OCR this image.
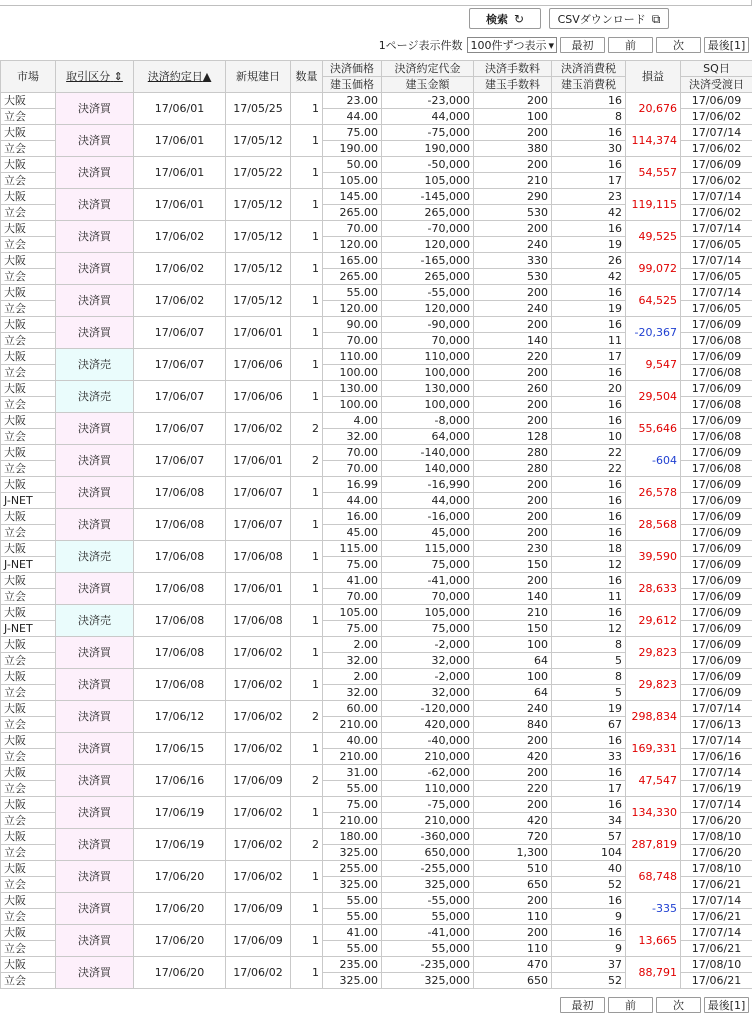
検索 ↻	CSVダウンロード ⧉
1ページ表示件数 100件ずつ表示 ▾	最初	前	次	最後[1]
市場	取引区分 ⇕	決済約定日▲	新規建日	数量	決済価格	決済約定代金	決済手数料	決済消費税	損益	SQ日
					建玉価格	建玉金額	建玉手数料	建玉消費税		決済受渡日
大阪	決済買	17/06/01	17/05/25	1	23.00	-23,000	200	16	20,676	17/06/09
立会					44.00	44,000	100	8		17/06/02
大阪	決済買	17/06/01	17/05/12	1	75.00	-75,000	200	16	114,374	17/07/14
立会					190.00	190,000	380	30		17/06/02
大阪	決済買	17/06/01	17/05/22	1	50.00	-50,000	200	16	54,557	17/06/09
立会					105.00	105,000	210	17		17/06/02
大阪	決済買	17/06/01	17/05/12	1	145.00	-145,000	290	23	119,115	17/07/14
立会					265.00	265,000	530	42		17/06/02
大阪	決済買	17/06/02	17/05/12	1	70.00	-70,000	200	16	49,525	17/07/14
立会					120.00	120,000	240	19		17/06/05
大阪	決済買	17/06/02	17/05/12	1	165.00	-165,000	330	26	99,072	17/07/14
立会					265.00	265,000	530	42		17/06/05
大阪	決済買	17/06/02	17/05/12	1	55.00	-55,000	200	16	64,525	17/07/14
立会					120.00	120,000	240	19		17/06/05
大阪	決済買	17/06/07	17/06/01	1	90.00	-90,000	200	16	-20,367	17/06/09
立会					70.00	70,000	140	11		17/06/08
大阪	決済売	17/06/07	17/06/06	1	110.00	110,000	220	17	9,547	17/06/09
立会					100.00	100,000	200	16		17/06/08
大阪	決済売	17/06/07	17/06/06	1	130.00	130,000	260	20	29,504	17/06/09
立会					100.00	100,000	200	16		17/06/08
大阪	決済買	17/06/07	17/06/02	2	4.00	-8,000	200	16	55,646	17/06/09
立会					32.00	64,000	128	10		17/06/08
大阪	決済買	17/06/07	17/06/01	2	70.00	-140,000	280	22	-604	17/06/09
立会					70.00	140,000	280	22		17/06/08
大阪	決済買	17/06/08	17/06/07	1	16.99	-16,990	200	16	26,578	17/06/09
J-NET					44.00	44,000	200	16		17/06/09
大阪	決済買	17/06/08	17/06/07	1	16.00	-16,000	200	16	28,568	17/06/09
立会					45.00	45,000	200	16		17/06/09
大阪	決済売	17/06/08	17/06/08	1	115.00	115,000	230	18	39,590	17/06/09
J-NET					75.00	75,000	150	12		17/06/09
大阪	決済買	17/06/08	17/06/01	1	41.00	-41,000	200	16	28,633	17/06/09
立会					70.00	70,000	140	11		17/06/09
大阪	決済売	17/06/08	17/06/08	1	105.00	105,000	210	16	29,612	17/06/09
J-NET					75.00	75,000	150	12		17/06/09
大阪	決済買	17/06/08	17/06/02	1	2.00	-2,000	100	8	29,823	17/06/09
立会					32.00	32,000	64	5		17/06/09
大阪	決済買	17/06/08	17/06/02	1	2.00	-2,000	100	8	29,823	17/06/09
立会					32.00	32,000	64	5		17/06/09
大阪	決済買	17/06/12	17/06/02	2	60.00	-120,000	240	19	298,834	17/07/14
立会					210.00	420,000	840	67		17/06/13
大阪	決済買	17/06/15	17/06/02	1	40.00	-40,000	200	16	169,331	17/07/14
立会					210.00	210,000	420	33		17/06/16
大阪	決済買	17/06/16	17/06/09	2	31.00	-62,000	200	16	47,547	17/07/14
立会					55.00	110,000	220	17		17/06/19
大阪	決済買	17/06/19	17/06/02	1	75.00	-75,000	200	16	134,330	17/07/14
立会					210.00	210,000	420	34		17/06/20
大阪	決済買	17/06/19	17/06/02	2	180.00	-360,000	720	57	287,819	17/08/10
立会					325.00	650,000	1,300	104		17/06/20
大阪	決済買	17/06/20	17/06/02	1	255.00	-255,000	510	40	68,748	17/08/10
立会					325.00	325,000	650	52		17/06/21
大阪	決済買	17/06/20	17/06/09	1	55.00	-55,000	200	16	-335	17/07/14
立会					55.00	55,000	110	9		17/06/21
大阪	決済買	17/06/20	17/06/09	1	41.00	-41,000	200	16	13,665	17/07/14
立会					55.00	55,000	110	9		17/06/21
大阪	決済買	17/06/20	17/06/02	1	235.00	-235,000	470	37	88,791	17/08/10
立会					325.00	325,000	650	52		17/06/21
最初	前	次	最後[1]
